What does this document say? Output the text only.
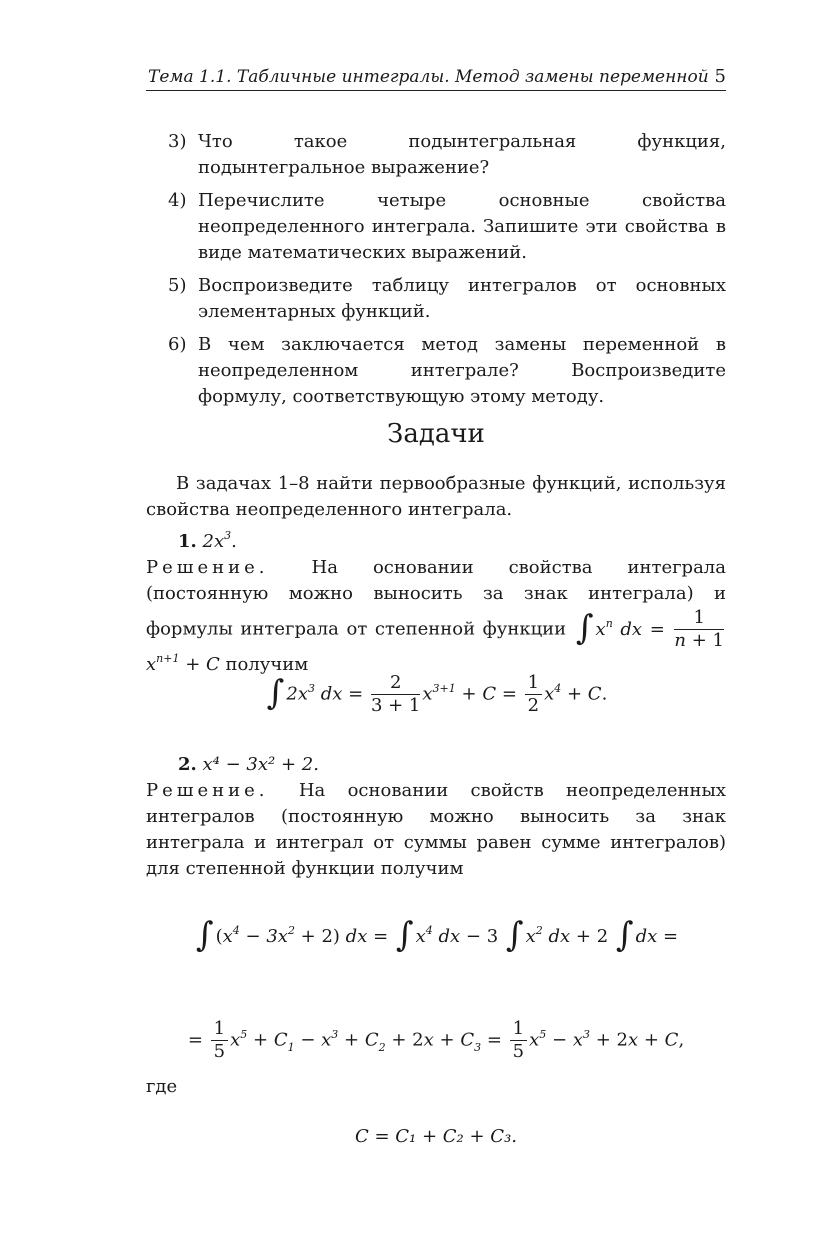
Тема 1.1. Табличные интегралы. Метод замены переменной 5
3) Что такое подынтегральная функция, подынтегральное выражение?
4) Перечислите четыре основные свойства неопределенного интеграла. Запишите эти свойства в виде математических выражений.
5) Воспроизведите таблицу интегралов от основных элементарных функций.
6) В чем заключается метод замены переменной в неопределенном интеграле? Воспроизведите формулу, соответствующую этому методу.
Задачи
В задачах 1–8 найти первообразные функций, используя свойства неопределенного интеграла.
1. $2x^3$.
Решение. На основании свойства интеграла (постоянную можно выносить за знак интеграла) и формулы интеграла от степенной функции ∫ $x^n$ dx = $\frac{1}{n + 1}$
$x^{n+1} + C$ получим
∫ $2x^3$ dx = $\frac{2}{3 + 1} x^{3+1} + C = \frac{1}{2} x^4 + C$.
2. x⁴ − 3x² + 2.
Решение. На основании свойств неопределенных интегралов (постоянную можно выносить за знак интеграла и интеграл от суммы равен сумме интегралов) для степенной функции получим
∫ $(x^4 - 3x^2 + 2)$ dx = ∫ $x^4$ dx − 3 ∫ $x^2$ dx + 2 ∫ dx =
= $\frac{1}{5} x^5 + C_1 - x^3 + C_2 + 2x + C_3 = \frac{1}{5} x^5 - x^3 + 2x + C$,
где
C = C₁ + C₂ + C₃.
